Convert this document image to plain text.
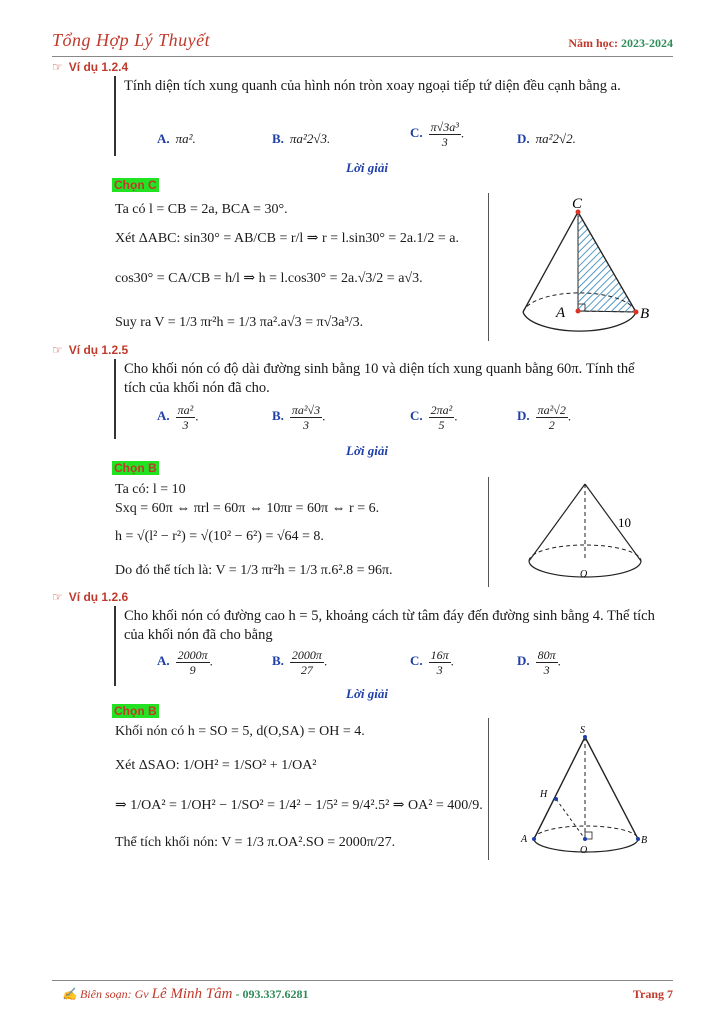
Tổng Hợp Lý Thuyết	Năm học: 2023-2024
☞ Ví dụ 1.2.4
Tính diện tích xung quanh của hình nón tròn xoay ngoại tiếp tứ diện đều cạnh bằng a.
A. πa².	B. πa²2√3.	C. $\frac{\text{π√3a³}}{3}$ .	D. πa²2√2.
Lời giải
Chọn C
Ta có l = CB = 2a, BCA = 30°.
Xét ΔABC: sin30° = AB/CB = r/l ⇒ r = l.sin30° = 2a.1/2 = a.
cos30° = CA/CB = h/l ⇒ h = l.cos30° = 2a.√3/2 = a√3.
Suy ra V = 1/3 πr²h = 1/3 πa².a√3 = π√3a³/3.
C
A	B
☞ Ví dụ 1.2.5
Cho khối nón có độ dài đường sinh bằng 10 và diện tích xung quanh bằng 60π. Tính thể tích của khối nón đã cho.
A. $\frac{\text{πa²}}{3}$ .	B. $\frac{\text{πa²√3}}{3}$ .	C. $\frac{\text{2πa²}}{5}$ .	D. $\frac{\text{πa²√2}}{2}$ .
Lời giải
Chọn B
Ta có: l = 10
Sxq = 60π ⇔ πrl = 60π ⇔ 10πr = 60π ⇔ r = 6.
h = √(l² − r²) = √(10² − 6²) = √64 = 8.
Do đó thể tích là: V = 1/3 πr²h = 1/3 π.6².8 = 96π.
10
O
☞ Ví dụ 1.2.6
Cho khối nón có đường cao h = 5, khoảng cách từ tâm đáy đến đường sinh bằng 4. Thể tích của khối nón đã cho bằng
A. $\frac{2000\pi}{9}$ .	B. $\frac{2000\pi}{27}$ .	C. $\frac{16\pi}{3}$ .	D. $\frac{80\pi}{3}$ .
Lời giải
Chọn B
Khối nón có h = SO = 5, d(O,SA) = OH = 4.
Xét ΔSAO: 1/OH² = 1/SO² + 1/OA²
⇒ 1/OA² = 1/OH² − 1/SO² = 1/4² − 1/5² = 9/4².5² ⇒ OA² = 400/9.
Thể tích khối nón: V = 1/3 π.OA².SO = 2000π/27.
S
H
A
O
B
✍ Biên soạn: Gv Lê Minh Tâm - 093.337.6281	Trang 7
